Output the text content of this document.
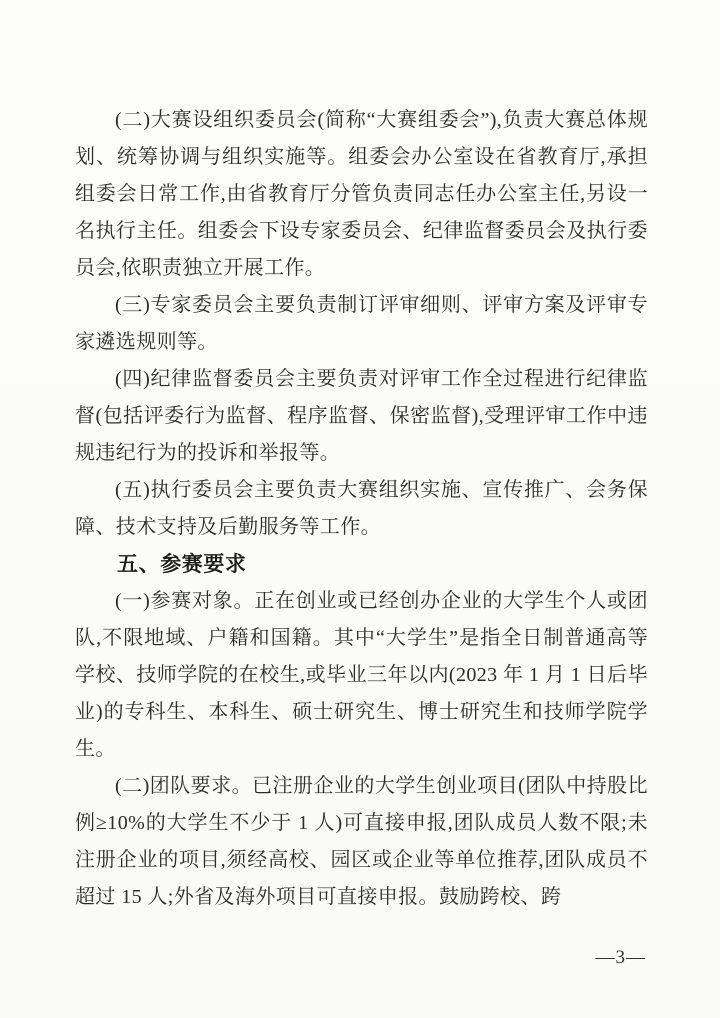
(二)大赛设组织委员会(简称“大赛组委会”),负责大赛总体规划、统筹协调与组织实施等。组委会办公室设在省教育厅,承担组委会日常工作,由省教育厅分管负责同志任办公室主任,另设一名执行主任。组委会下设专家委员会、纪律监督委员会及执行委员会,依职责独立开展工作。

(三)专家委员会主要负责制订评审细则、评审方案及评审专家遴选规则等。

(四)纪律监督委员会主要负责对评审工作全过程进行纪律监督(包括评委行为监督、程序监督、保密监督),受理评审工作中违规违纪行为的投诉和举报等。

(五)执行委员会主要负责大赛组织实施、宣传推广、会务保障、技术支持及后勤服务等工作。

五、参赛要求

(一)参赛对象。正在创业或已经创办企业的大学生个人或团队,不限地域、户籍和国籍。其中“大学生”是指全日制普通高等学校、技师学院的在校生,或毕业三年以内(2023 年 1 月 1 日后毕业)的专科生、本科生、硕士研究生、博士研究生和技师学院学生。

(二)团队要求。已注册企业的大学生创业项目(团队中持股比例≥10%的大学生不少于 1 人)可直接申报,团队成员人数不限;未注册企业的项目,须经高校、园区或企业等单位推荐,团队成员不超过 15 人;外省及海外项目可直接申报。鼓励跨校、跨

—3—
